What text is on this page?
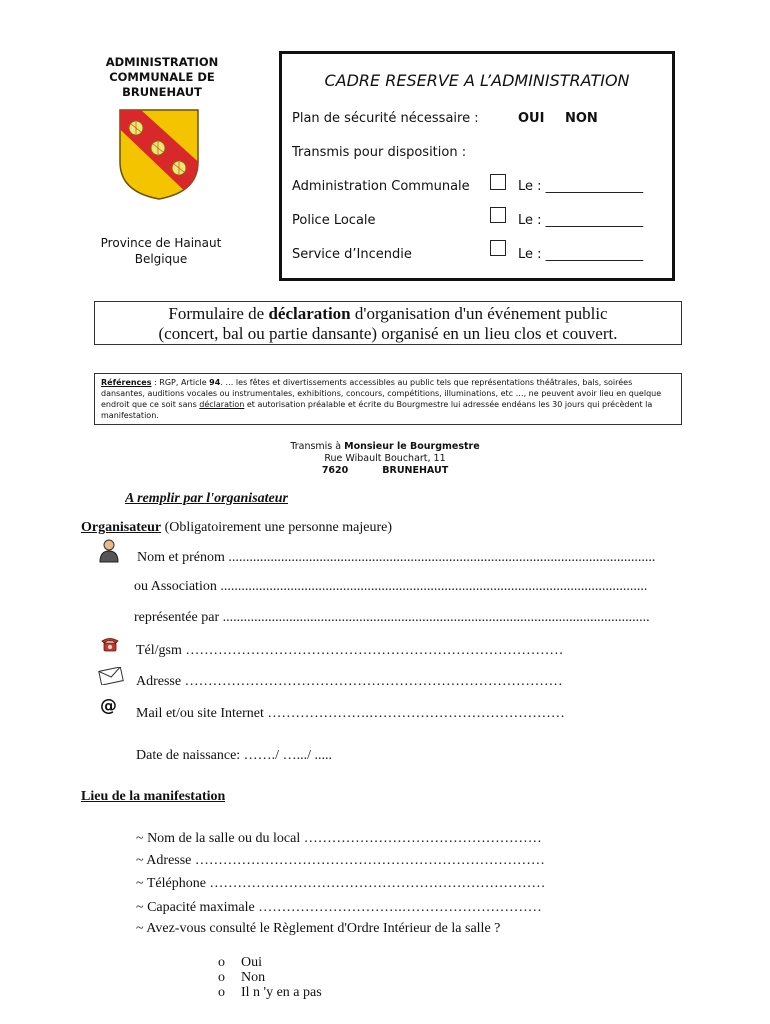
ADMINISTRATION
COMMUNALE DE
BRUNEHAUT
Province de Hainaut
Belgique
CADRE RESERVE A L’ADMINISTRATION
Plan de sécurité nécessaire :	OUI NON
Transmis pour disposition :
Administration Communale	Le : _______________
Police Locale	Le : _______________
Service d’Incendie	Le : _______________
Formulaire de déclaration d'organisation d'un événement public
(concert, bal ou partie dansante) organisé en un lieu clos et couvert.
Références : RGP, Article 94. … les fêtes et divertissements accessibles au public tels que représentations théâtrales, bals, soirées dansantes, auditions vocales ou instrumentales, exhibitions, concours, compétitions, illuminations, etc …, ne peuvent avoir lieu en quelque endroit que ce soit sans déclaration et autorisation préalable et écrite du Bourgmestre lui adressée endéans les 30 jours qui précèdent la manifestation.
Transmis à Monsieur le Bourgmestre
Rue Wibault Bouchart, 11
7620	BRUNEHAUT
A remplir par l'organisateur
Organisateur (Obligatoirement une personne majeure)
Nom et prénom ..........................................................................................................................
ou Association ..........................................................................................................................
représentée par ..........................................................................................................................
Tél/gsm ………………………………………………………………………
Adresse ………………………………………………………………………
@ Mail et/ou site Internet ………………….……………………………………
Date de naissance: ……./ ….../ .....
Lieu de la manifestation
~ Nom de la salle ou du local ……………………………………………
~ Adresse …………………………………………………………………
~ Téléphone ………………………………………………………………
~ Capacité maximale ………………………….…………………………
~ Avez-vous consulté le Règlement d'Ordre Intérieur de la salle ?
o Oui
o Non
o Il n 'y en a pas
